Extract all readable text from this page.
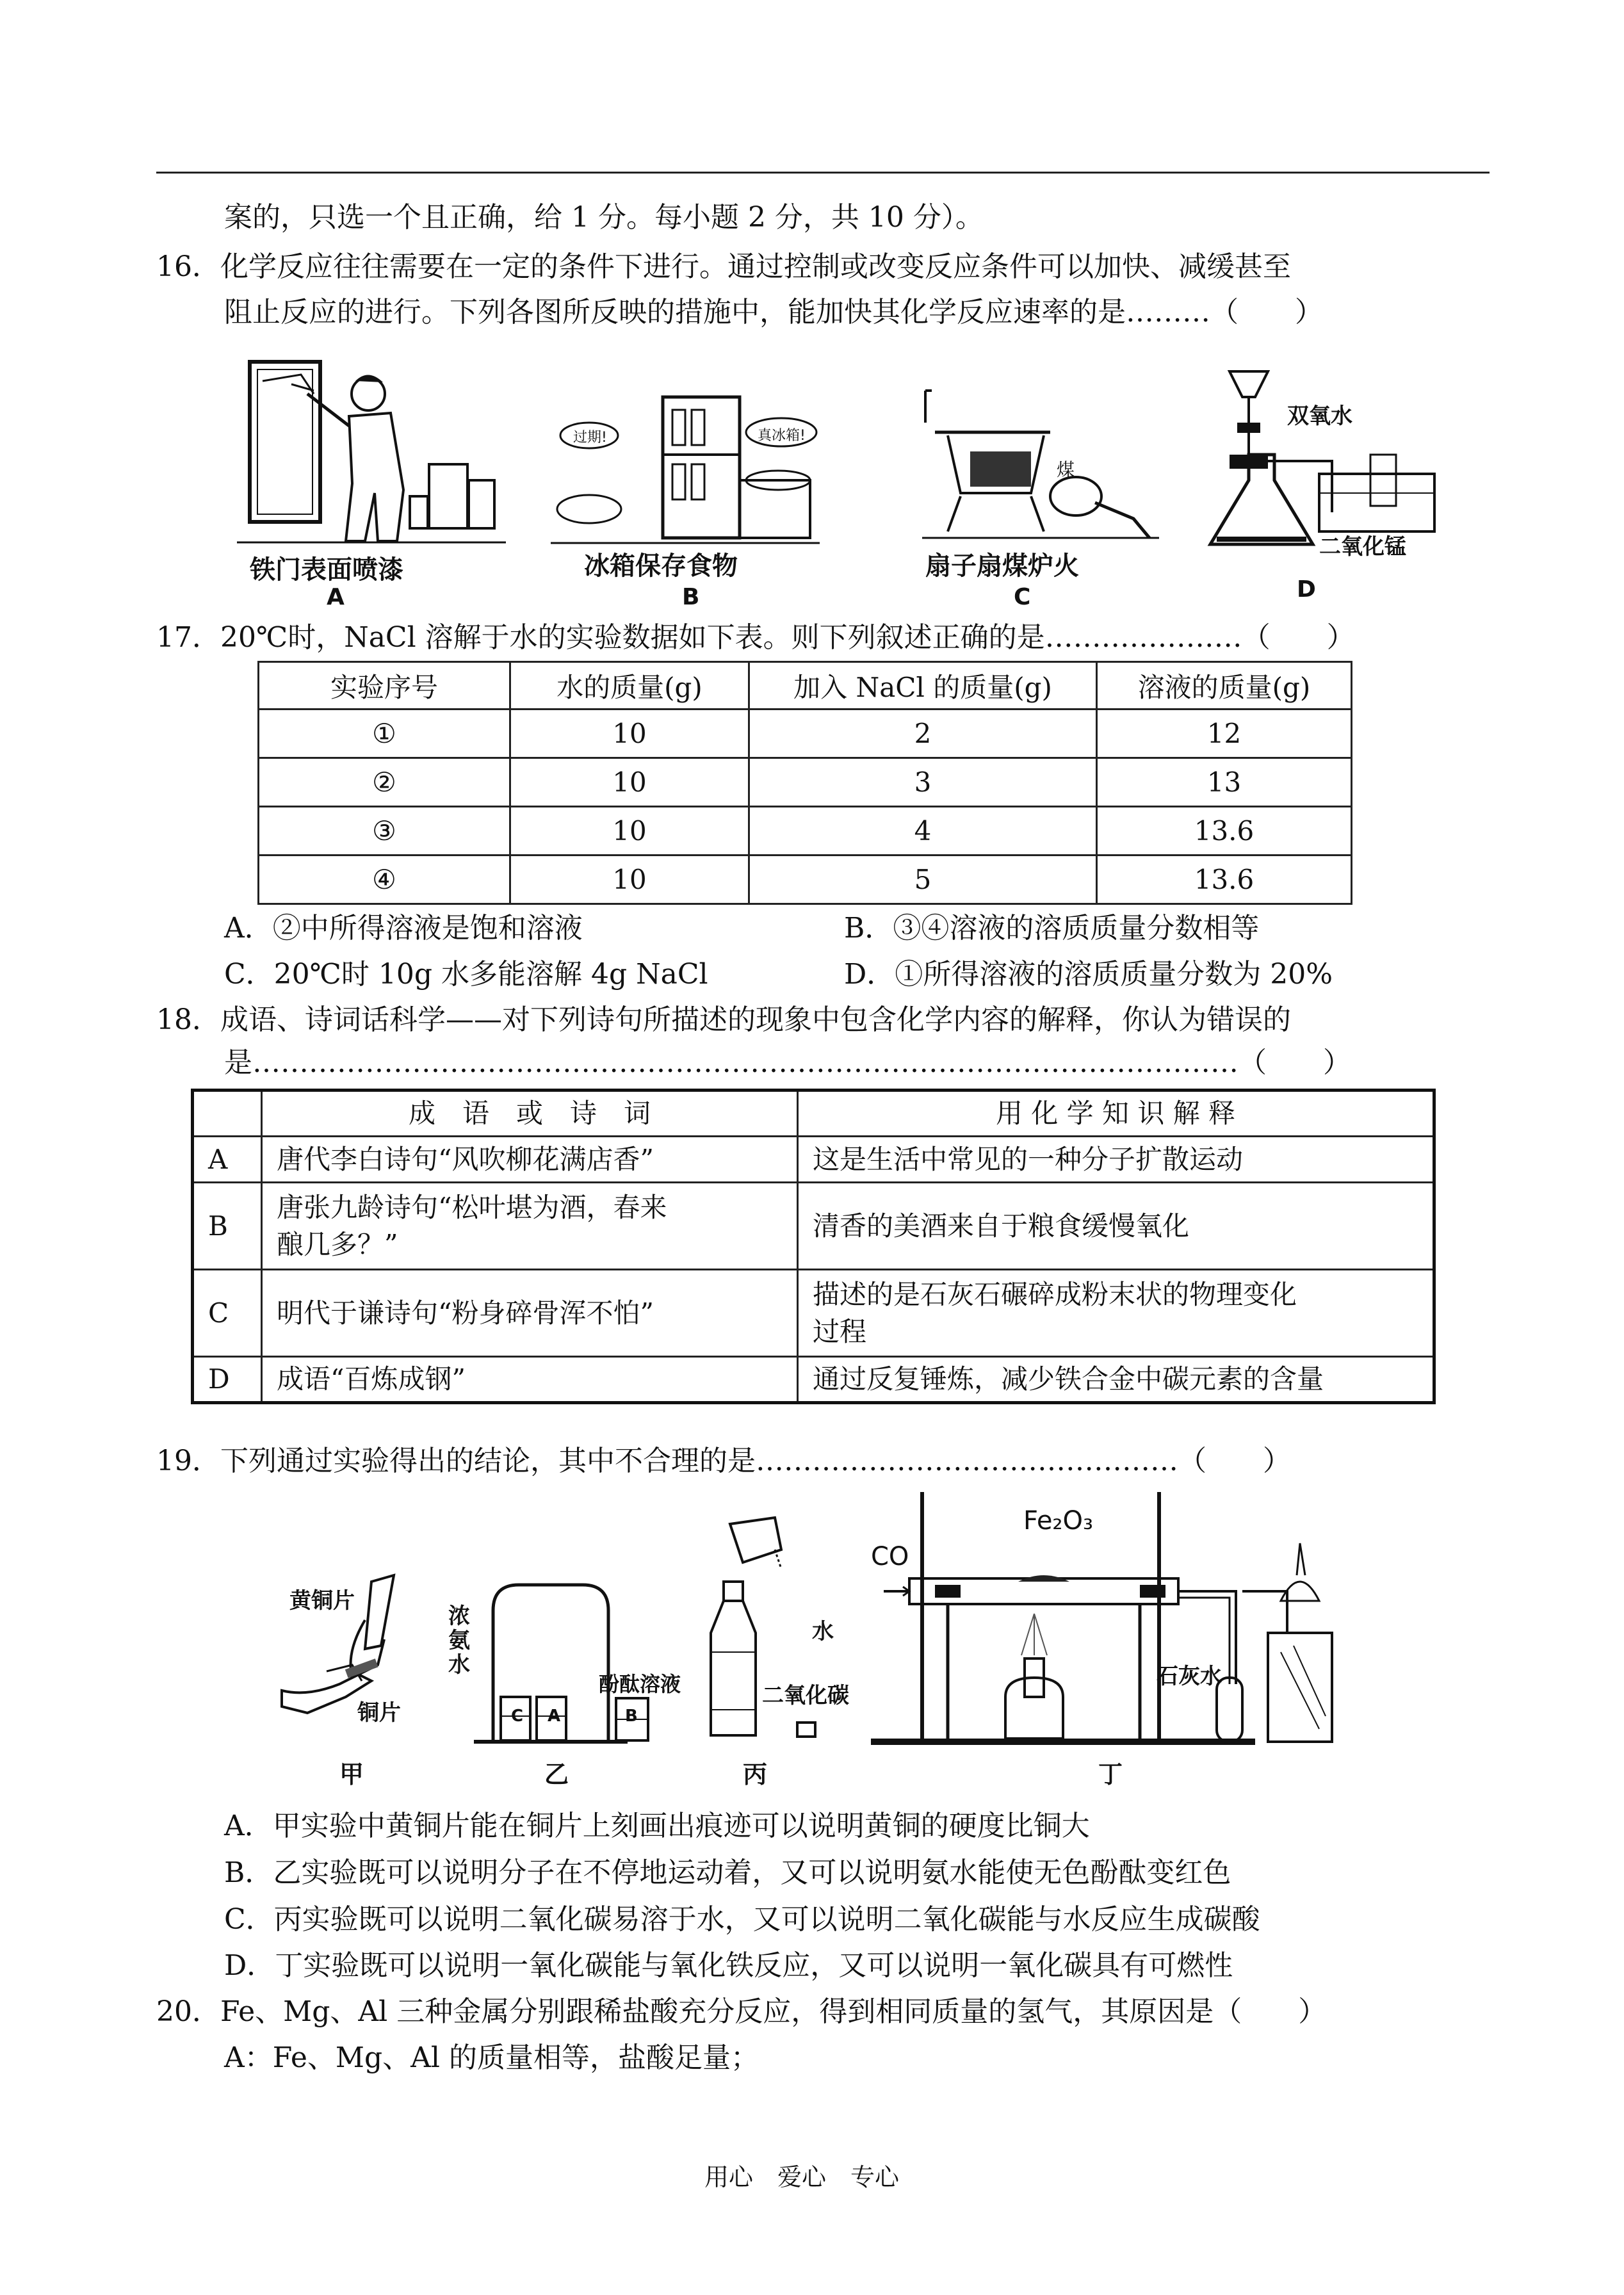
案的，只选一个且正确，给 1 分。每小题 2 分，共 10 分）。
16．化学反应往往需要在一定的条件下进行。通过控制或改变反应条件可以加快、减缓甚至
阻止反应的进行。下列各图所反映的措施中，能加快其化学反应速率的是………（　　）
铁门表面喷漆
A
过期!	真冰箱!
冰箱保存食物
B
煤
扇子扇煤炉火
C
双氧水
二氧化锰
D
17．20℃时，NaCl 溶解于水的实验数据如下表。则下列叙述正确的是…………………（　　）
实验序号	水的质量(g)	加入 NaCl 的质量(g)	溶液的质量(g)
①	10	2	12
②	10	3	13
③	10	4	13.6
④	10	5	13.6
A．②中所得溶液是饱和溶液	B．③④溶液的溶质质量分数相等
C．20℃时 10g 水多能溶解 4g NaCl	D．①所得溶液的溶质质量分数为 20%
18．成语、诗词话科学——对下列诗句所描述的现象中包含化学内容的解释，你认为错误的
是……………………………………………………………………………………………（　　）
	成　语　或　诗　词	用 化 学 知 识 解 释
A	唐代李白诗句“风吹柳花满店香”	这是生活中常见的一种分子扩散运动

B	唐张九龄诗句“松叶堪为酒，春来
酿几多？”	清香的美酒来自于粮食缓慢氧化

C	明代于谦诗句“粉身碎骨浑不怕”	描述的是石灰石碾碎成粉末状的物理变化
过程

D	成语“百炼成钢”	通过反复锤炼，减少铁合金中碳元素的含量
19．下列通过实验得出的结论，其中不合理的是………………………………………（　　）
黄铜片
铜片
甲
浓
氨
水
酚酞溶液
C A	B
乙
水
二氧化碳
丙
CO
Fe₂O₃
石灰水
丁
A．甲实验中黄铜片能在铜片上刻画出痕迹可以说明黄铜的硬度比铜大
B．乙实验既可以说明分子在不停地运动着，又可以说明氨水能使无色酚酞变红色
C．丙实验既可以说明二氧化碳易溶于水，又可以说明二氧化碳能与水反应生成碳酸
D．丁实验既可以说明一氧化碳能与氧化铁反应，又可以说明一氧化碳具有可燃性
20．Fe、Mg、Al 三种金属分别跟稀盐酸充分反应，得到相同质量的氢气，其原因是（　　）
A：Fe、Mg、Al 的质量相等，盐酸足量；
用心　爱心　专心
